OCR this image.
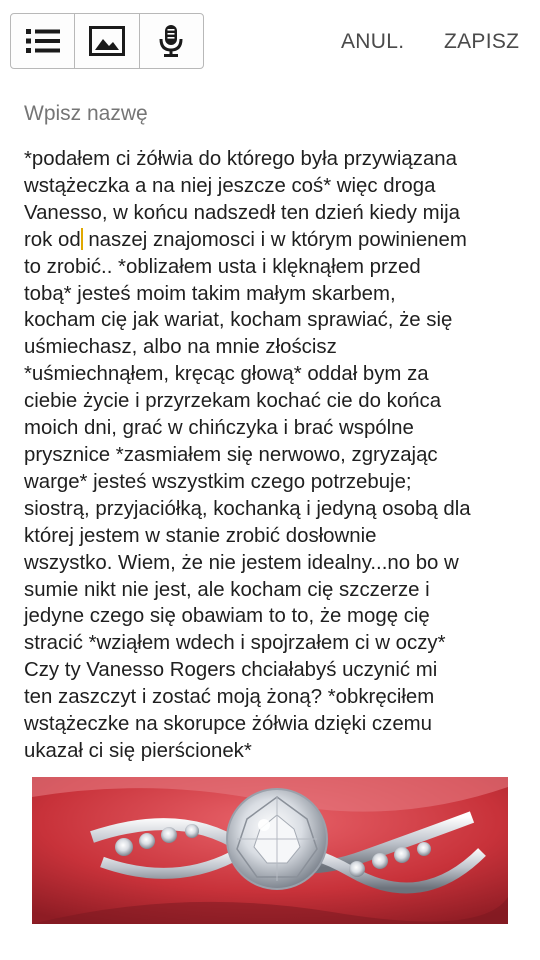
ANUL. ZAPISZ
Wpisz nazwę
*podałem ci żółwia do którego była przywiązana
wstążeczka a na niej jeszcze coś* więc droga
Vanesso, w końcu nadszedł ten dzień kiedy mija
rok od naszej znajomosci i w którym powinienem
to zrobić.. *oblizałem usta i klęknąłem przed
tobą* jesteś moim takim małym skarbem,
kocham cię jak wariat, kocham sprawiać, że się
uśmiechasz, albo na mnie złościsz
*uśmiechnąłem, kręcąc głową* oddał bym za
ciebie życie i przyrzekam kochać cie do końca
moich dni, grać w chińczyka i brać wspólne
prysznice *zasmiałem się nerwowo, zgryzając
warge* jesteś wszystkim czego potrzebuje;
siostrą, przyjaciółką, kochanką i jedyną osobą dla
której jestem w stanie zrobić dosłownie
wszystko. Wiem, że nie jestem idealny...no bo w
sumie nikt nie jest, ale kocham cię szczerze i
jedyne czego się obawiam to to, że mogę cię
stracić *wziąłem wdech i spojrzałem ci w oczy*
Czy ty Vanesso Rogers chciałabyś uczynić mi
ten zaszczyt i zostać moją żoną? *obkręciłem
wstążeczke na skorupce żółwia dzięki czemu
ukazał ci się pierścionek*
